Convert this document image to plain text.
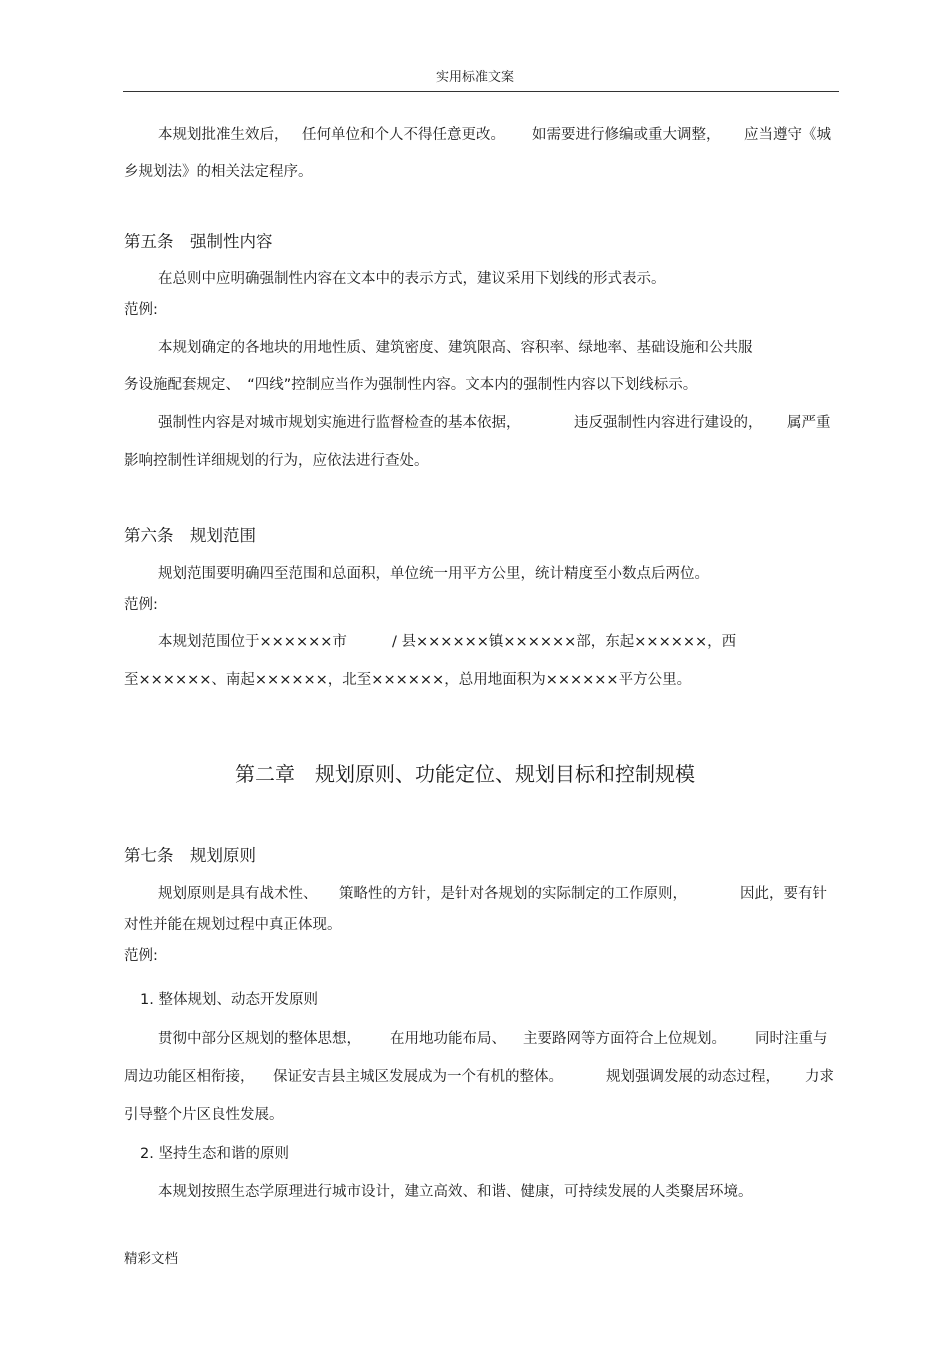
实用标准文案
本规划批准生效后， 任何单位和个人不得任意更改。 如需要进行修编或重大调整， 应当遵守《城
乡规划法》的相关法定程序。
第五条　强制性内容
在总则中应明确强制性内容在文本中的表示方式，建议采用下划线的形式表示。
范例:
本规划确定的各地块的用地性质、建筑密度、建筑限高、容积率、绿地率、基础设施和公共服
务设施配套规定、　“四线”控制应当作为强制性内容。文本内的强制性内容以下划线标示。
强制性内容是对城市规划实施进行监督检查的基本依据，	违反强制性内容进行建设的， 属严重
影响控制性详细规划的行为，应依法进行查处。
第六条　规划范围
规划范围要明确四至范围和总面积，单位统一用平方公里，统计精度至小数点后两位。
范例:
本规划范围位于××××××市	/ 县××××××镇××××××部，东起××××××，西
至××××××、南起××××××，北至××××××，总用地面积为××××××平方公里。
第二章　规划原则、功能定位、规划目标和控制规模
第七条　规划原则
规划原则是具有战术性、 策略性的方针，是针对各规划的实际制定的工作原则，	因此，要有针
对性并能在规划过程中真正体现。
范例:
1. 整体规划、动态开发原则
贯彻中部分区规划的整体思想， 在用地功能布局、 主要路网等方面符合上位规划。 同时注重与
周边功能区相衔接， 保证安吉县主城区发展成为一个有机的整体。	规划强调发展的动态过程， 力求
引导整个片区良性发展。
2. 坚持生态和谐的原则
本规划按照生态学原理进行城市设计，建立高效、和谐、健康，可持续发展的人类聚居环境。
精彩文档
